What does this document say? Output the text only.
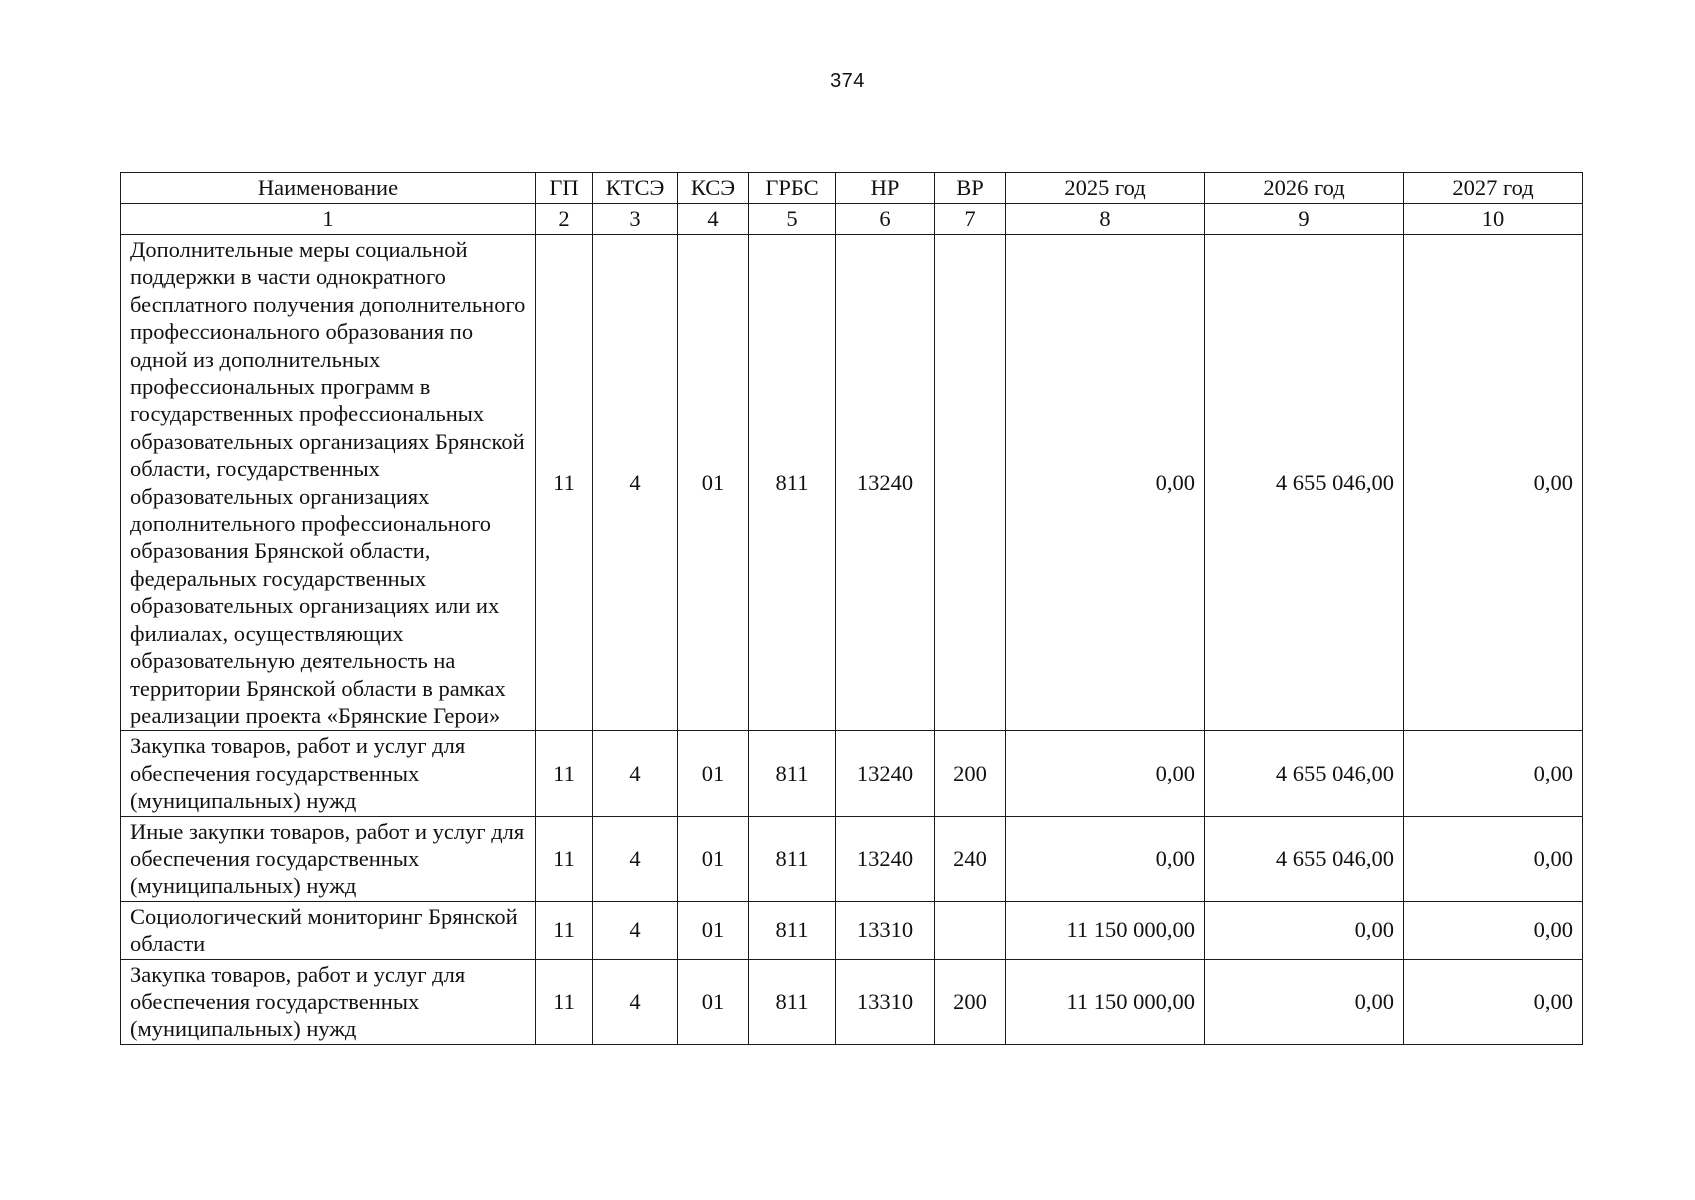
374
Наименование	ГП	КТСЭ	КСЭ	ГРБС	НР	ВР	2025 год	2026 год	2027 год
1	2	3	4	5	6	7	8	9	10
Дополнительные меры социальной поддержки в части однократного бесплатного получения дополнительного профессионального образования по одной из дополнительных профессиональных программ в государственных профессиональных образовательных организациях Брянской области, государственных образовательных организациях дополнительного профессионального образования Брянской области, федеральных государственных образовательных организациях или их филиалах, осуществляющих образовательную деятельность на территории Брянской области в рамках реализации проекта «Брянские Герои»	11	4	01	811	13240		0,00	4 655 046,00	0,00
Закупка товаров, работ и услуг для обеспечения государственных (муниципальных) нужд	11	4	01	811	13240	200	0,00	4 655 046,00	0,00
Иные закупки товаров, работ и услуг для обеспечения государственных (муниципальных) нужд	11	4	01	811	13240	240	0,00	4 655 046,00	0,00
Социологический мониторинг Брянской области	11	4	01	811	13310		11 150 000,00	0,00	0,00
Закупка товаров, работ и услуг для обеспечения государственных (муниципальных) нужд	11	4	01	811	13310	200	11 150 000,00	0,00	0,00
